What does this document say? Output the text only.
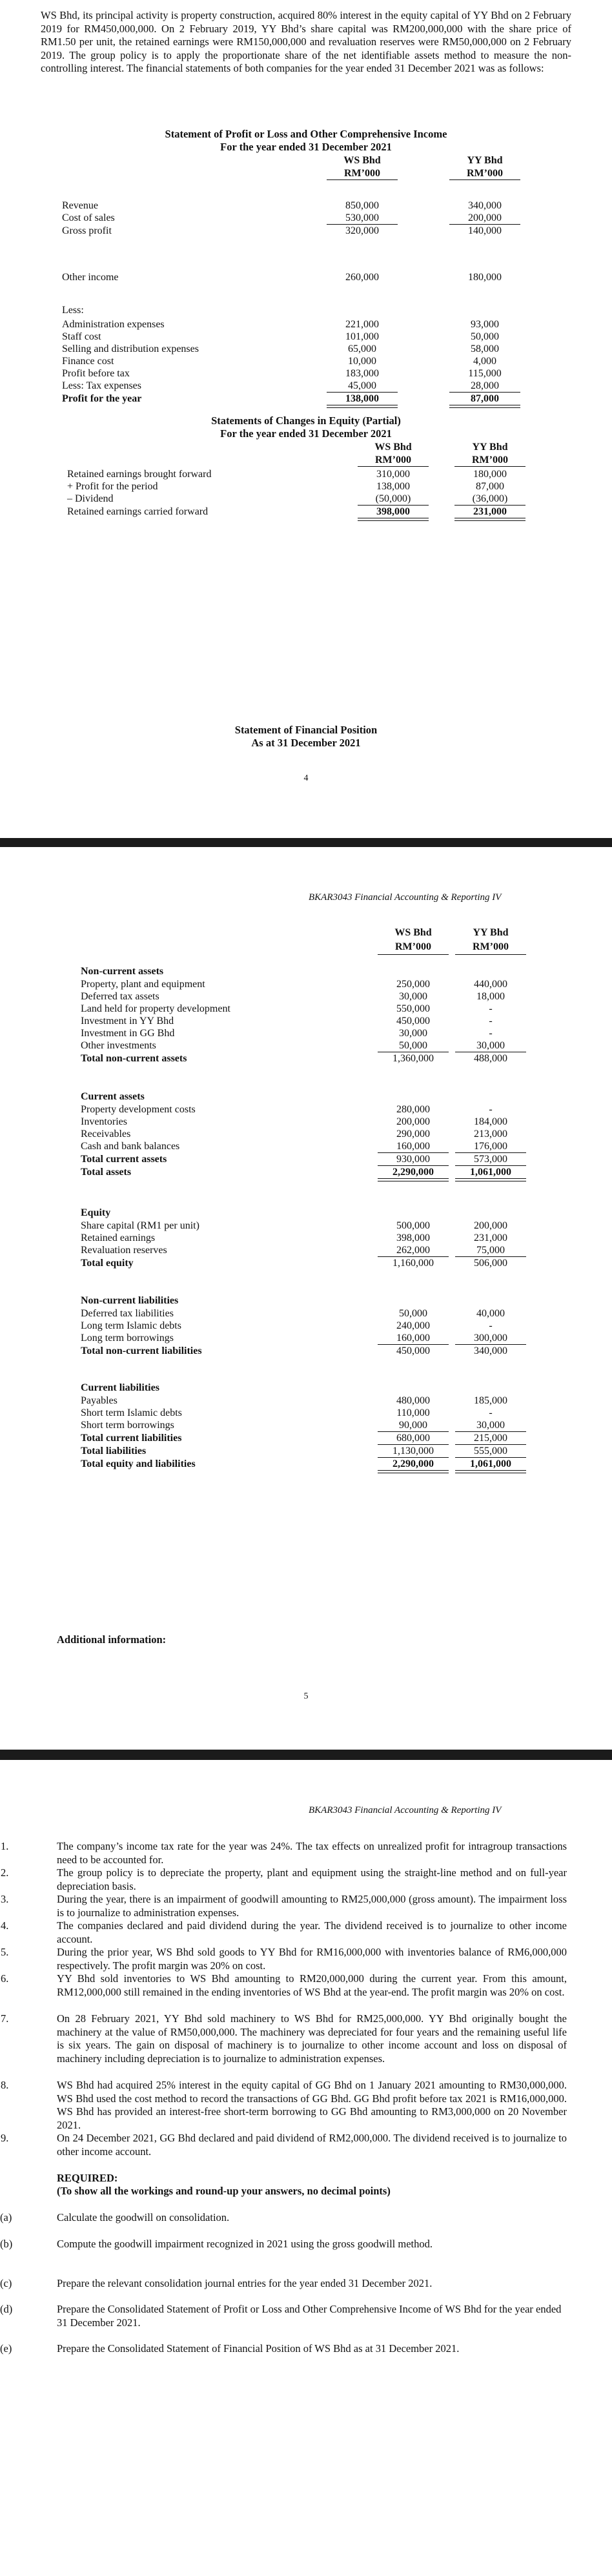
WS Bhd, its principal activity is property construction, acquired 80% interest in the equity capital of YY Bhd on 2 February 2019 for RM450,000,000. On 2 February 2019, YY Bhd’s share capital was RM200,000,000 with the share price of RM1.50 per unit, the retained earnings were RM150,000,000 and revaluation reserves were RM50,000,000 on 2 February 2019. The group policy is to apply the proportionate share of the net identifiable assets method to measure the non-controlling interest. The financial statements of both companies for the year ended 31 December 2021 was as follows:
Statement of Profit or Loss and Other Comprehensive Income
For the year ended 31 December 2021
WS Bhd	YY Bhd
RM’000	RM’000
Revenue	850,000	340,000
Cost of sales	530,000	200,000
Gross profit	320,000	140,000
Other income	260,000	180,000
Less:
Administration expenses	221,000	93,000
Staff cost	101,000	50,000
Selling and distribution expenses	65,000	58,000
Finance cost	10,000	4,000
Profit before tax	183,000	115,000
Less: Tax expenses	45,000	28,000
Profit for the year	138,000	87,000
Statements of Changes in Equity (Partial)
For the year ended 31 December 2021
WS Bhd	YY Bhd
RM’000	RM’000
Retained earnings brought forward	310,000	180,000
+ Profit for the period	138,000	87,000
– Dividend	(50,000)	(36,000)
Retained earnings carried forward	398,000	231,000
Statement of Financial Position
As at 31 December 2021
4
BKAR3043 Financial Accounting & Reporting IV
WS Bhd	YY Bhd
RM’000	RM’000
Non-current assets
Property, plant and equipment	250,000	440,000
Deferred tax assets	30,000	18,000
Land held for property development	550,000	-
Investment in YY Bhd	450,000	-
Investment in GG Bhd	30,000	-
Other investments	50,000	30,000
Total non-current assets	1,360,000	488,000
Current assets
Property development costs	280,000	-
Inventories	200,000	184,000
Receivables	290,000	213,000
Cash and bank balances	160,000	176,000
Total current assets	930,000	573,000
Total assets	2,290,000	1,061,000
Equity
Share capital (RM1 per unit)	500,000	200,000
Retained earnings	398,000	231,000
Revaluation reserves	262,000	75,000
Total equity	1,160,000	506,000
Non-current liabilities
Deferred tax liabilities	50,000	40,000
Long term Islamic debts	240,000	-
Long term borrowings	160,000	300,000
Total non-current liabilities	450,000	340,000
Current liabilities
Payables	480,000	185,000
Short term Islamic debts	110,000	-
Short term borrowings	90,000	30,000
Total current liabilities	680,000	215,000
Total liabilities	1,130,000	555,000
Total equity and liabilities	2,290,000	1,061,000
Additional information:
5
BKAR3043 Financial Accounting & Reporting IV
1.	The company’s income tax rate for the year was 24%. The tax effects on unrealized profit for intragroup transactions need to be accounted for.
2.	The group policy is to depreciate the property, plant and equipment using the straight-line method and on full-year depreciation basis.
3.	During the year, there is an impairment of goodwill amounting to RM25,000,000 (gross amount). The impairment loss is to journalize to administration expenses.
4.	The companies declared and paid dividend during the year. The dividend received is to journalize to other income account.
5.	During the prior year, WS Bhd sold goods to YY Bhd for RM16,000,000 with inventories balance of RM6,000,000 respectively. The profit margin was 20% on cost.
6.	YY Bhd sold inventories to WS Bhd amounting to RM20,000,000 during the current year. From this amount, RM12,000,000 still remained in the ending inventories of WS Bhd at the year-end. The profit margin was 20% on cost.
7.	On 28 February 2021, YY Bhd sold machinery to WS Bhd for RM25,000,000. YY Bhd originally bought the machinery at the value of RM50,000,000. The machinery was depreciated for four years and the remaining useful life is six years. The gain on disposal of machinery is to journalize to other income account and loss on disposal of machinery including depreciation is to journalize to administration expenses.
8.	WS Bhd had acquired 25% interest in the equity capital of GG Bhd on 1 January 2021 amounting to RM30,000,000. WS Bhd used the cost method to record the transactions of GG Bhd. GG Bhd profit before tax 2021 is RM16,000,000. WS Bhd has provided an interest-free short-term borrowing to GG Bhd amounting to RM3,000,000 on 20 November 2021.
9.	On 24 December 2021, GG Bhd declared and paid dividend of RM2,000,000. The dividend received is to journalize to other income account.
REQUIRED:
(To show all the workings and round-up your answers, no decimal points)
(a)	Calculate the goodwill on consolidation.
(b)	Compute the goodwill impairment recognized in 2021 using the gross goodwill method.
(c)	Prepare the relevant consolidation journal entries for the year ended 31 December 2021.
(d)	Prepare the Consolidated Statement of Profit or Loss and Other Comprehensive Income of WS Bhd for the year ended 31 December 2021.
(e)	Prepare the Consolidated Statement of Financial Position of WS Bhd as at 31 December 2021.
